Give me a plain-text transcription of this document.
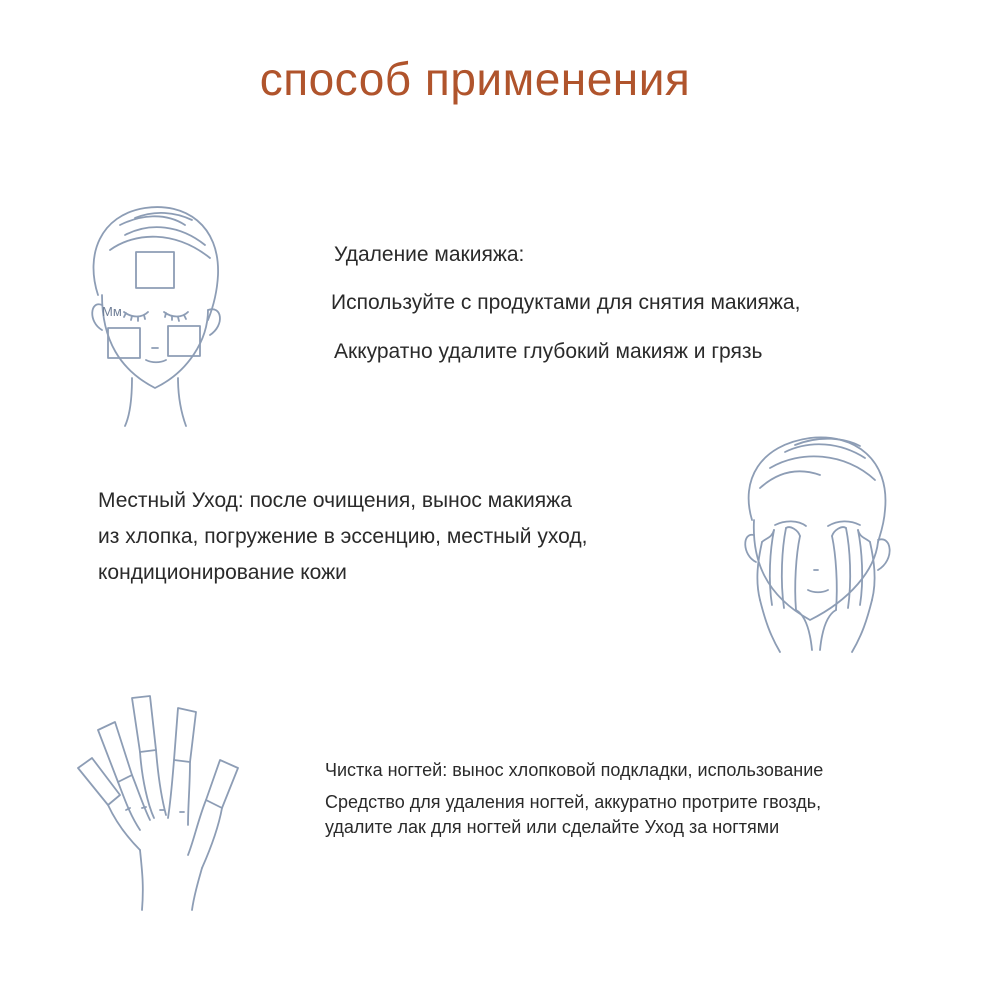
способ применения
Мм
Удаление макияжа:
Используйте с продуктами для снятия макияжа,
Аккуратно удалите глубокий макияж и грязь
Местный Уход: после очищения, вынос макияжа
из хлопка, погружение в эссенцию, местный уход,
кондиционирование кожи
Чистка ногтей: вынос хлопковой подкладки, использование
Средство для удаления ногтей, аккуратно протрите гвоздь,
удалите лак для ногтей или сделайте Уход за ногтями
